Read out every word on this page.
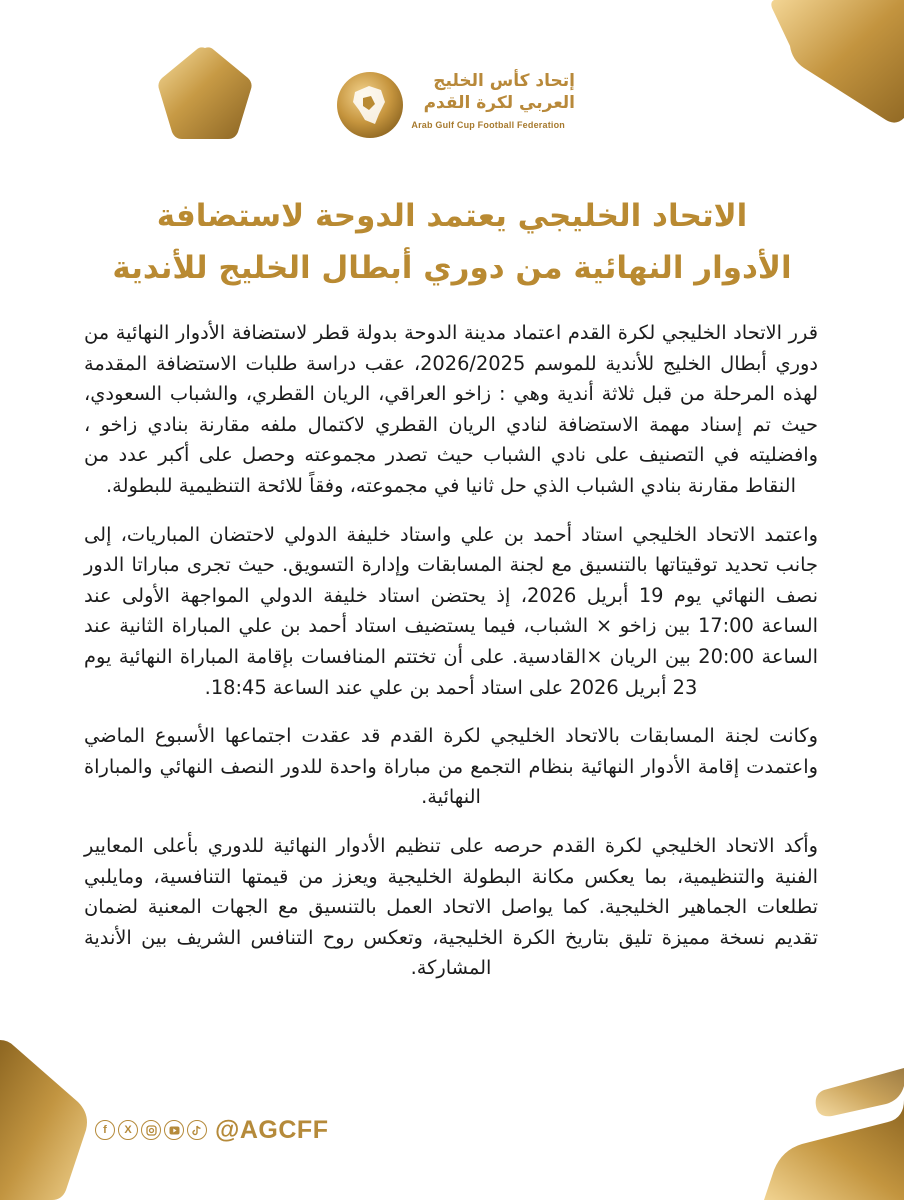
إتحاد كأس الخليج
العربي لكرة القدم
Arab Gulf Cup Football Federation
الاتحاد الخليجي يعتمد الدوحة لاستضافة
الأدوار النهائية من دوري أبطال الخليج للأندية

قرر الاتحاد الخليجي لكرة القدم اعتماد مدينة الدوحة بدولة قطر لاستضافة الأدوار النهائية من دوري أبطال الخليج للأندية للموسم 2026/2025، عقب دراسة طلبات الاستضافة المقدمة لهذه المرحلة من قبل ثلاثة أندية وهي : زاخو العراقي، الريان القطري، والشباب السعودي، حيث تم إسناد مهمة الاستضافة لنادي الريان القطري لاكتمال ملفه مقارنة بنادي زاخو ، وافضليته في التصنيف على نادي الشباب حيث تصدر مجموعته وحصل على أكبر عدد من النقاط مقارنة بنادي الشباب الذي حل ثانيا في مجموعته، وفقاً للائحة التنظيمية للبطولة.

واعتمد الاتحاد الخليجي استاد أحمد بن علي واستاد خليفة الدولي لاحتضان المباريات، إلى جانب تحديد توقيتاتها بالتنسيق مع لجنة المسابقات وإدارة التسويق. حيث تجرى مباراتا الدور نصف النهائي يوم 19 أبريل 2026، إذ يحتضن استاد خليفة الدولي المواجهة الأولى عند الساعة 17:00 بين زاخو × الشباب، فيما يستضيف استاد أحمد بن علي المباراة الثانية عند الساعة 20:00 بين الريان ×القادسية. على أن تختتم المنافسات بإقامة المباراة النهائية يوم 23 أبريل 2026 على استاد أحمد بن علي عند الساعة 18:45.

وكانت لجنة المسابقات بالاتحاد الخليجي لكرة القدم قد عقدت اجتماعها الأسبوع الماضي واعتمدت إقامة الأدوار النهائية بنظام التجمع من مباراة واحدة للدور النصف النهائي والمباراة النهائية.

وأكد الاتحاد الخليجي لكرة القدم حرصه على تنظيم الأدوار النهائية للدوري بأعلى المعايير الفنية والتنظيمية، بما يعكس مكانة البطولة الخليجية ويعزز من قيمتها التنافسية، ومايلبي تطلعات الجماهير الخليجية. كما يواصل الاتحاد العمل بالتنسيق مع الجهات المعنية لضمان تقديم نسخة مميزة تليق بتاريخ الكرة الخليجية، وتعكس روح التنافس الشريف بين الأندية المشاركة.

f	X	@AGCFF
